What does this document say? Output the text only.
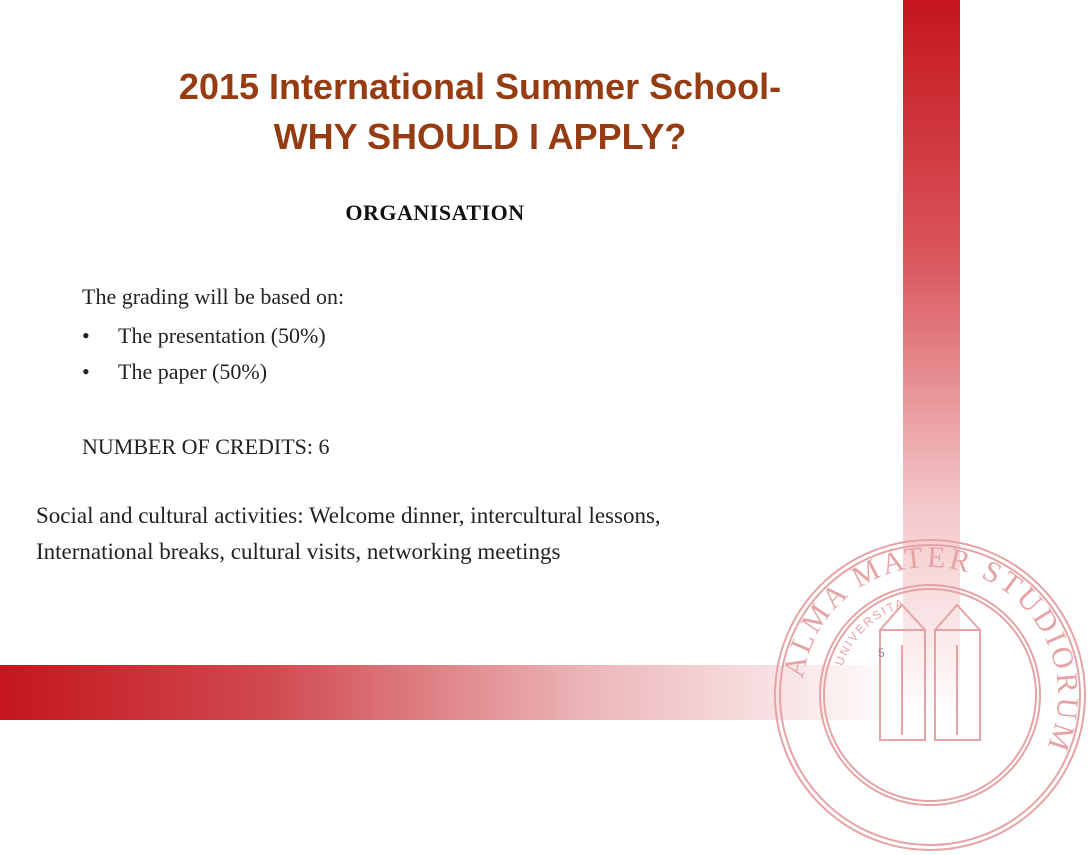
ALMA MATER STUDIORUM
UNIVERSITA
2015 International Summer School-
WHY SHOULD I APPLY?

ORGANISATION

The grading will be based on:

•	The presentation (50%)
•	The paper (50%)

NUMBER OF CREDITS: 6

Social and cultural activities: Welcome dinner, intercultural lessons,
International breaks, cultural visits, networking meetings

5
